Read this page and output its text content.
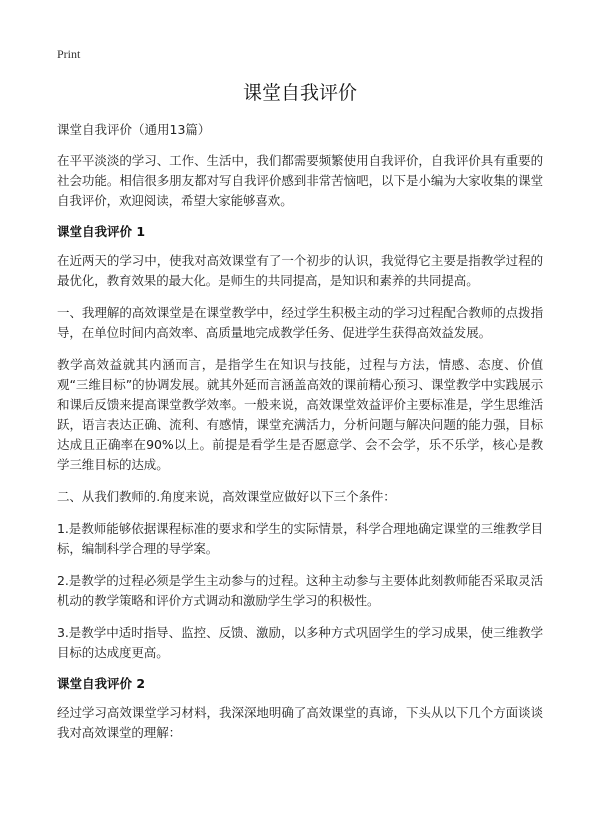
Print
课堂自我评价
课堂自我评价（通用13篇）

在平平淡淡的学习、工作、生活中，我们都需要频繁使用自我评价，自我评价具有重要的社会功能。相信很多朋友都对写自我评价感到非常苦恼吧，以下是小编为大家收集的课堂自我评价，欢迎阅读，希望大家能够喜欢。

课堂自我评价 1

在近两天的学习中，使我对高效课堂有了一个初步的认识，我觉得它主要是指教学过程的最优化，教育效果的最大化。是师生的共同提高，是知识和素养的共同提高。

一、我理解的高效课堂是在课堂教学中，经过学生积极主动的学习过程配合教师的点拨指导，在单位时间内高效率、高质量地完成教学任务、促进学生获得高效益发展。

教学高效益就其内涵而言，是指学生在知识与技能，过程与方法，情感、态度、价值观“三维目标”的协调发展。就其外延而言涵盖高效的课前精心预习、课堂教学中实践展示和课后反馈来提高课堂教学效率。一般来说，高效课堂效益评价主要标准是，学生思维活跃，语言表达正确、流利、有感情，课堂充满活力，分析问题与解决问题的能力强，目标达成且正确率在90%以上。前提是看学生是否愿意学、会不会学，乐不乐学，核心是教学三维目标的达成。

二、从我们教师的.角度来说，高效课堂应做好以下三个条件：

1.是教师能够依据课程标准的要求和学生的实际情景，科学合理地确定课堂的三维教学目标，编制科学合理的导学案。

2.是教学的过程必须是学生主动参与的过程。这种主动参与主要体此刻教师能否采取灵活机动的教学策略和评价方式调动和激励学生学习的积极性。

3.是教学中适时指导、监控、反馈、激励，以多种方式巩固学生的学习成果，使三维教学目标的达成度更高。

课堂自我评价 2

经过学习高效课堂学习材料，我深深地明确了高效课堂的真谛，下头从以下几个方面谈谈我对高效课堂的理解：
